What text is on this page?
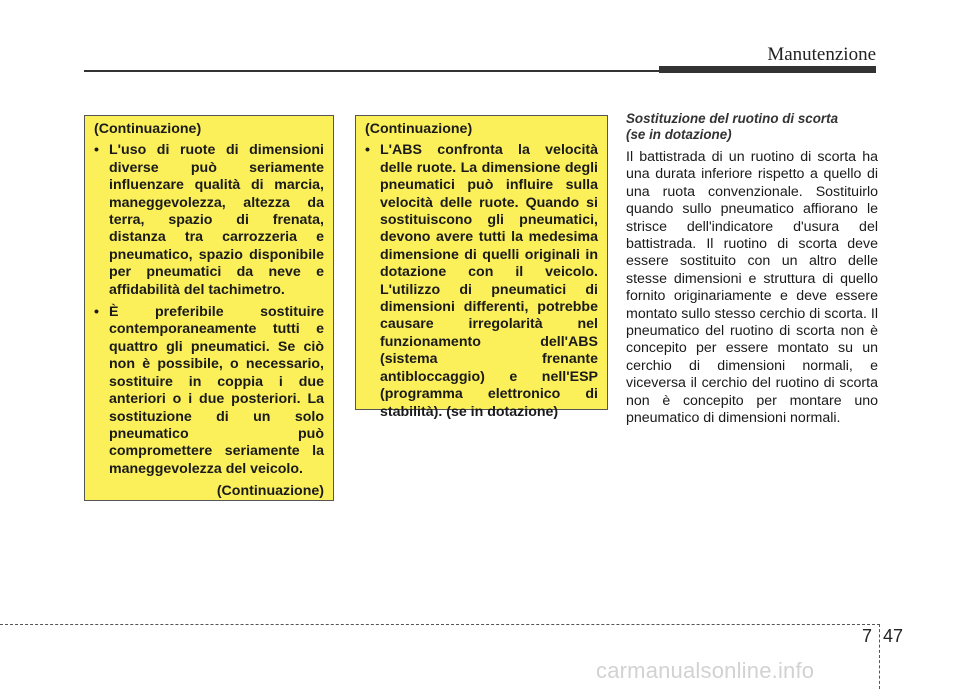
Manutenzione
(Continuazione)
• L'uso di ruote di dimensioni diverse può seriamente influenzare qualità di marcia, maneggevolezza, altezza da terra, spazio di frenata, distanza tra carrozzeria e pneumatico, spazio disponibile per pneumatici da neve e affidabilità del tachimetro.
• È preferibile sostituire contemporaneamente tutti e quattro gli pneumatici. Se ciò non è possibile, o necessario, sostituire in coppia i due anteriori o i due posteriori. La sostituzione di un solo pneumatico può compromettere seriamente la maneggevolezza del veicolo.
(Continuazione)
(Continuazione)
• L'ABS confronta la velocità delle ruote. La dimensione degli pneumatici può influire sulla velocità delle ruote. Quando si sostituiscono gli pneumatici, devono avere tutti la medesima dimensione di quelli originali in dotazione con il veicolo. L'utilizzo di pneumatici di dimensioni differenti, potrebbe causare irregolarità nel funzionamento dell'ABS (sistema frenante antibloccaggio) e nell'ESP (programma elettronico di stabilità). (se in dotazione)
Sostituzione del ruotino di scorta
(se in dotazione)

Il battistrada di un ruotino di scorta ha una durata inferiore rispetto a quello di una ruota convenzionale. Sostituirlo quando sullo pneumatico affiorano le strisce dell'indicatore d'usura del battistrada. Il ruotino di scorta deve essere sostituito con un altro delle stesse dimensioni e struttura di quello fornito originariamente e deve essere montato sullo stesso cerchio di scorta. Il pneumatico del ruotino di scorta non è concepito per essere montato su un cerchio di dimensioni normali, e viceversa il cerchio del ruotino di scorta non è concepito per montare uno pneumatico di dimensioni normali.

7 47
carmanualsonline.info
